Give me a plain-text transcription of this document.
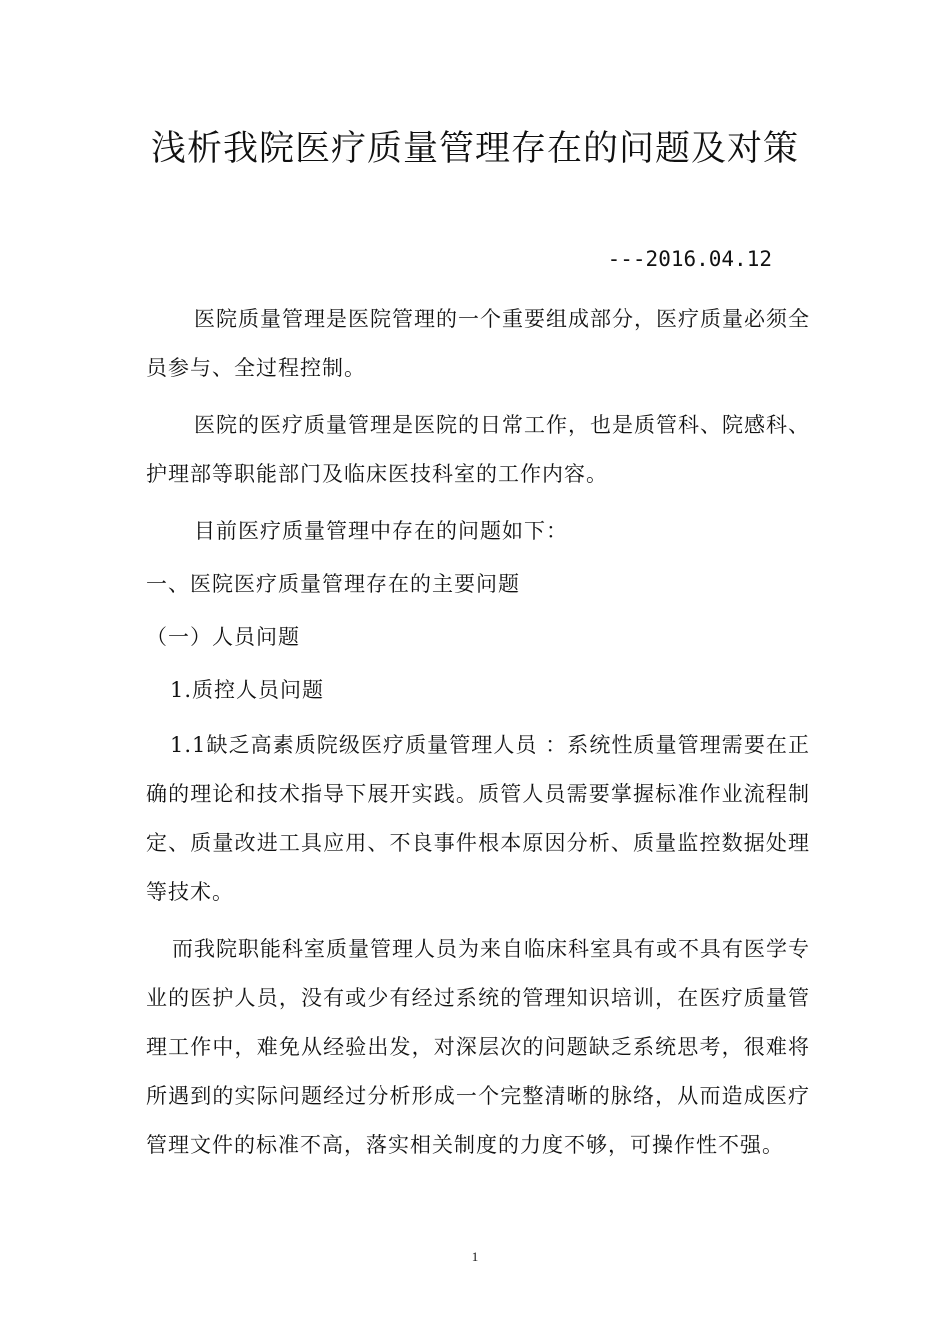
浅析我院医疗质量管理存在的问题及对策
---2016.04.12

医院质量管理是医院管理的一个重要组成部分，医疗质量必须全员参与、全过程控制。

医院的医疗质量管理是医院的日常工作，也是质管科、院感科、护理部等职能部门及临床医技科室的工作内容。

目前医疗质量管理中存在的问题如下：

一、医院医疗质量管理存在的主要问题

（一）人员问题

1.质控人员问题

1.1缺乏高素质院级医疗质量管理人员 ：系统性质量管理需要在正确的理论和技术指导下展开实践。质管人员需要掌握标准作业流程制定、质量改进工具应用、不良事件根本原因分析、质量监控数据处理等技术。

而我院职能科室质量管理人员为来自临床科室具有或不具有医学专业的医护人员，没有或少有经过系统的管理知识培训，在医疗质量管理工作中，难免从经验出发，对深层次的问题缺乏系统思考，很难将所遇到的实际问题经过分析形成一个完整清晰的脉络，从而造成医疗管理文件的标准不高，落实相关制度的力度不够，可操作性不强。

1
